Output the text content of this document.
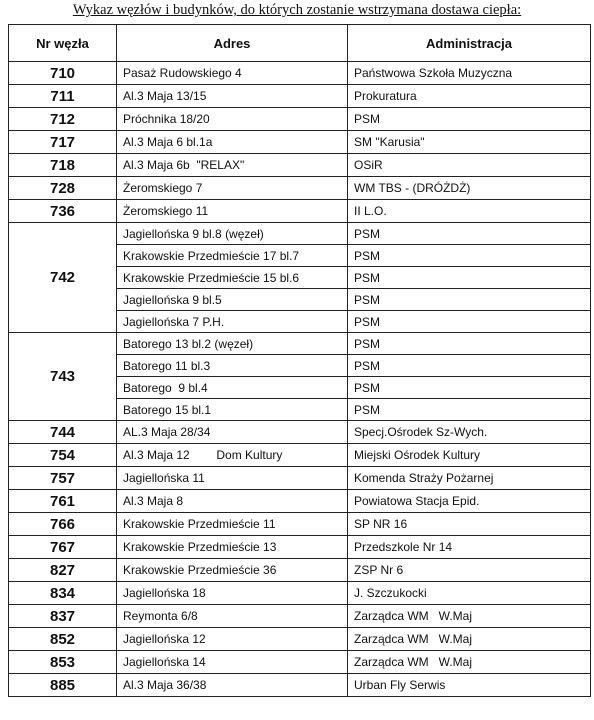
Wykaz węzłów i budynków, do których zostanie wstrzymana dostawa ciepła:
Nr węzła	Adres	Administracja
710	Pasaż Rudowskiego 4	Państwowa Szkoła Muzyczna
711	Al.3 Maja 13/15	Prokuratura
712	Próchnika 18/20	PSM
717	Al.3 Maja 6 bl.1a	SM "Karusia"
718	Al.3 Maja 6b  "RELAX"	OSiR
728	Żeromskiego 7	WM TBS - (DRÓŻDŻ)
736	Żeromskiego 11	II L.O.
742	Jagiellońska 9 bl.8 (węzeł)	PSM
	Krakowskie Przedmieście 17 bl.7	PSM
	Krakowskie Przedmieście 15 bl.6	PSM
	Jagiellońska 9 bl.5	PSM
	Jagiellońska 7 P.H.	PSM
743	Batorego 13 bl.2 (węzeł)	PSM
	Batorego 11 bl.3	PSM
	Batorego  9 bl.4	PSM
	Batorego 15 bl.1	PSM
744	AL.3 Maja 28/34	Specj.Ośrodek Sz-Wych.
754	Al.3 Maja 12        Dom Kultury	Miejski Ośrodek Kultury
757	Jagiellońska 11	Komenda Straży Pożarnej
761	Al.3 Maja 8	Powiatowa Stacja Epid.
766	Krakowskie Przedmieście 11	SP NR 16
767	Krakowskie Przedmieście 13	Przedszkole Nr 14
827	Krakowskie Przedmieście 36	ZSP Nr 6
834	Jagiellońska 18	J. Szczukocki
837	Reymonta 6/8	Zarządca WM   W.Maj
852	Jagiellońska 12	Zarządca WM   W.Maj
853	Jagiellońska 14	Zarządca WM   W.Maj
885	Al.3 Maja 36/38	Urban Fly Serwis
